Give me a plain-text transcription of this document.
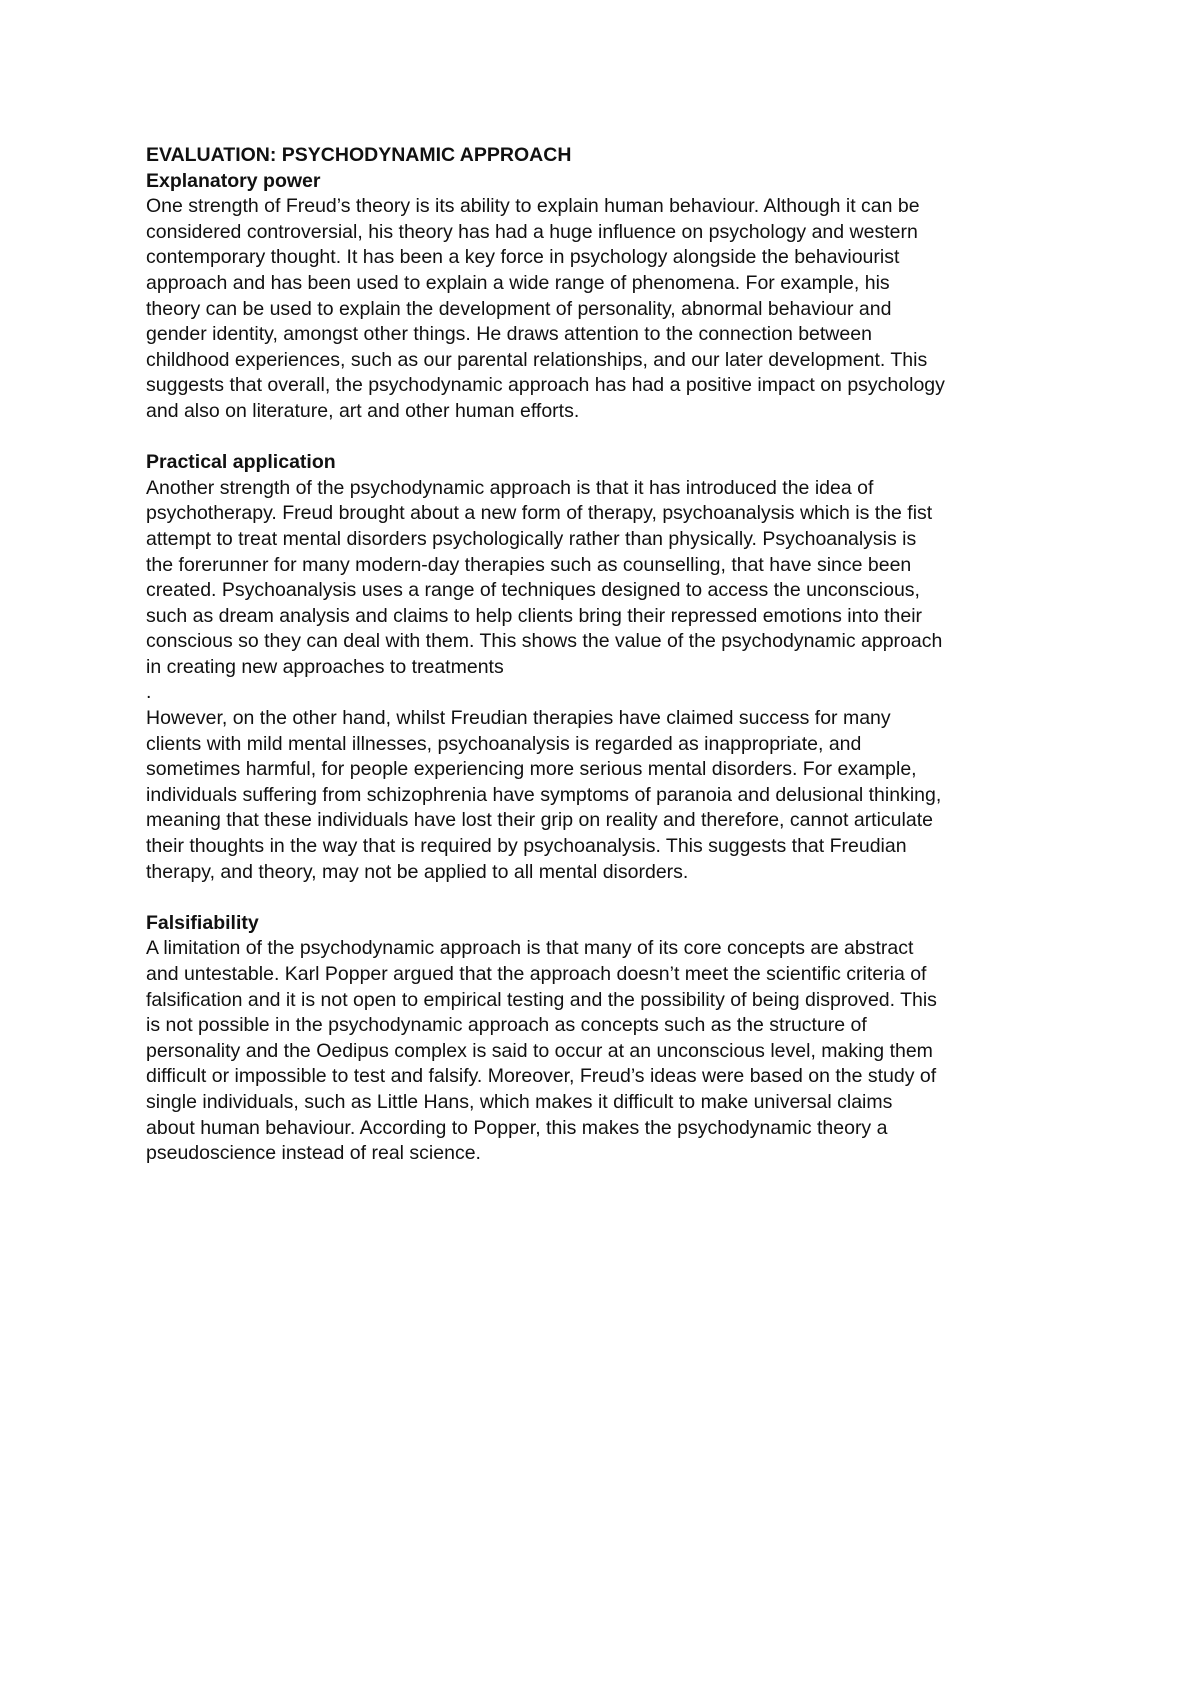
EVALUATION: PSYCHODYNAMIC APPROACH
Explanatory power
One strength of Freud’s theory is its ability to explain human behaviour. Although it can be
considered controversial, his theory has had a huge influence on psychology and western
contemporary thought. It has been a key force in psychology alongside the behaviourist
approach and has been used to explain a wide range of phenomena. For example, his
theory can be used to explain the development of personality, abnormal behaviour and
gender identity, amongst other things. He draws attention to the connection between
childhood experiences, such as our parental relationships, and our later development. This
suggests that overall, the psychodynamic approach has had a positive impact on psychology
and also on literature, art and other human efforts.
Practical application
Another strength of the psychodynamic approach is that it has introduced the idea of
psychotherapy. Freud brought about a new form of therapy, psychoanalysis which is the fist
attempt to treat mental disorders psychologically rather than physically. Psychoanalysis is
the forerunner for many modern-day therapies such as counselling, that have since been
created. Psychoanalysis uses a range of techniques designed to access the unconscious,
such as dream analysis and claims to help clients bring their repressed emotions into their
conscious so they can deal with them. This shows the value of the psychodynamic approach
in creating new approaches to treatments
.
However, on the other hand, whilst Freudian therapies have claimed success for many
clients with mild mental illnesses, psychoanalysis is regarded as inappropriate, and
sometimes harmful, for people experiencing more serious mental disorders. For example,
individuals suffering from schizophrenia have symptoms of paranoia and delusional thinking,
meaning that these individuals have lost their grip on reality and therefore, cannot articulate
their thoughts in the way that is required by psychoanalysis. This suggests that Freudian
therapy, and theory, may not be applied to all mental disorders.
Falsifiability
A limitation of the psychodynamic approach is that many of its core concepts are abstract
and untestable. Karl Popper argued that the approach doesn’t meet the scientific criteria of
falsification and it is not open to empirical testing and the possibility of being disproved. This
is not possible in the psychodynamic approach as concepts such as the structure of
personality and the Oedipus complex is said to occur at an unconscious level, making them
difficult or impossible to test and falsify. Moreover, Freud’s ideas were based on the study of
single individuals, such as Little Hans, which makes it difficult to make universal claims
about human behaviour. According to Popper, this makes the psychodynamic theory a
pseudoscience instead of real science.
